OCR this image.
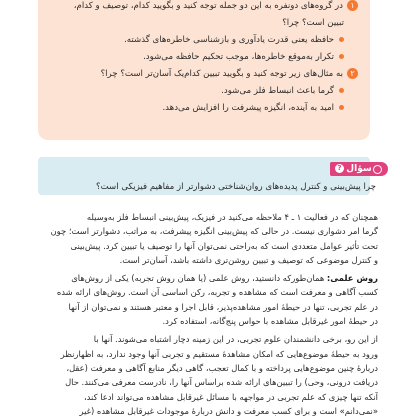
۱در گروه‌های دونفره به این دو جمله توجه کنید و بگویید کدام، توصیف و کدام،
تبیین است؟ چرا؟
حافظه یعنی قدرت یادآوری و بازشناسی خاطره‌های گذشته.
تکرار به‌موقع خاطره‌ها، موجب تحکیم حافظه می‌شود.
۲به مثال‌های زیر توجه کنید و بگویید تبیین کدام‌یک آسان‌تر است؟ چرا؟
گرما باعث انبساط فلز می‌شود.
امید به آینده، انگیزه پیشرفت را افزایش می‌دهد.
سؤال
?
چرا پیش‌بینی و کنترل پدیده‌های روان‌شناختی دشوارتر از مفاهیم فیزیکی است؟
همچنان که در فعالیت ۱ ـ ۴ ملاحظه می‌کنید در فیزیک، پیش‌بینی انبساط فلز به‌وسیله
گرما امر دشواری نیست. در حالی که پیش‌بینی انگیزه پیشرفت، به مراتب، دشوارتر است؛ چون
تحت تأثیر عوامل متعددی است که به‌راحتی نمی‌توان آنها را توصیف یا تبیین کرد. پیش‌بینی
و کنترل موضوعی که توصیف و تبیین روشن‌تری داشته باشد، آسان‌تر است.
روش علمی: همان‌طورکه دانستید، روش علمی (یا همان روش تجربه) یکی از روش‌های
کسب آگاهی و معرفت است که مشاهده و تجربه، رکن اساسی آن است. روش‌های ارائه شده
در علم تجربی، تنها در حیطهٔ امور مشاهده‌پذیر، قابل اجرا و معتبر هستند و نمی‌توان از آنها
در حیطهٔ امور غیرقابل مشاهده با حواس پنج‌گانه، استفاده کرد.
از این رو، برخی دانشمندان علوم تجربی، در این زمینه دچار اشتباه می‌شوند. آنها با
ورود به حیطهٔ موضوع‌هایی که امکان مشاهدهٔ مستقیم و تجربی آنها وجود ندارد، به اظهارنظر
دربارهٔ چنین موضوع‌هایی پرداخته و با کمال تعجب، گاهی دیگر منابع آگاهی و معرفت (عقل،
دریافت درونی، وحی) را تبیین‌های ارائه شده براساس آنها را، نادرست معرفی می‌کنند. حال
آنکه تنها چیزی که علم تجربی در مواجهه با مسائل غیرقابل مشاهده می‌تواند ادعا کند،
«نمی‌دانم» است و برای کسب معرفت و دانش دربارهٔ موجودات غیرقابل مشاهده (غیر
